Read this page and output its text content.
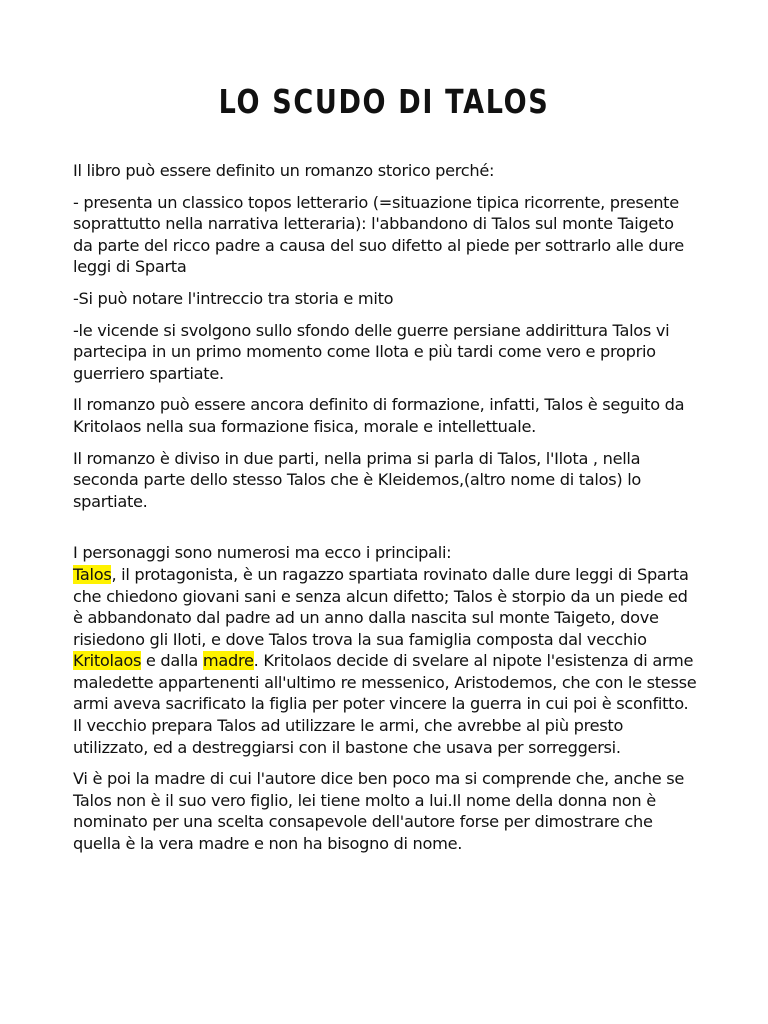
LO SCUDO DI TALOS

Il libro può essere definito un romanzo storico perché:

- presenta un classico topos letterario (=situazione tipica ricorrente, presente soprattutto nella narrativa letteraria): l'abbandono di Talos sul monte Taigeto da parte del ricco padre a causa del suo difetto al piede per sottrarlo alle dure leggi di Sparta

-Si può notare l'intreccio tra storia e mito

-le vicende si svolgono sullo sfondo delle guerre persiane addirittura Talos vi partecipa in un primo momento come Ilota e più tardi come vero e proprio guerriero spartiate.

Il romanzo può essere ancora definito di formazione, infatti, Talos è seguito da Kritolaos nella sua formazione fisica, morale e intellettuale.

Il romanzo è diviso in due parti, nella prima si parla di Talos, l'Ilota , nella seconda parte dello stesso Talos che è Kleidemos,(altro nome di talos) lo spartiate.

I personaggi sono numerosi ma ecco i principali:
Talos, il protagonista, è un ragazzo spartiata rovinato dalle dure leggi di Sparta che chiedono giovani sani e senza alcun difetto; Talos è storpio da un piede ed è abbandonato dal padre ad un anno dalla nascita sul monte Taigeto, dove risiedono gli Iloti, e dove Talos trova la sua famiglia composta dal vecchio Kritolaos e dalla madre. Kritolaos decide di svelare al nipote l'esistenza di arme maledette appartenenti all'ultimo re messenico, Aristodemos, che con le stesse armi aveva sacrificato la figlia per poter vincere la guerra in cui poi è sconfitto. Il vecchio prepara Talos ad utilizzare le armi, che avrebbe al più presto utilizzato, ed a destreggiarsi con il bastone che usava per sorreggersi.

Vi è poi la madre di cui l'autore dice ben poco ma si comprende che, anche se Talos non è il suo vero figlio, lei tiene molto a lui.Il nome della donna non è nominato per una scelta consapevole dell'autore forse per dimostrare che quella è la vera madre e non ha bisogno di nome.
